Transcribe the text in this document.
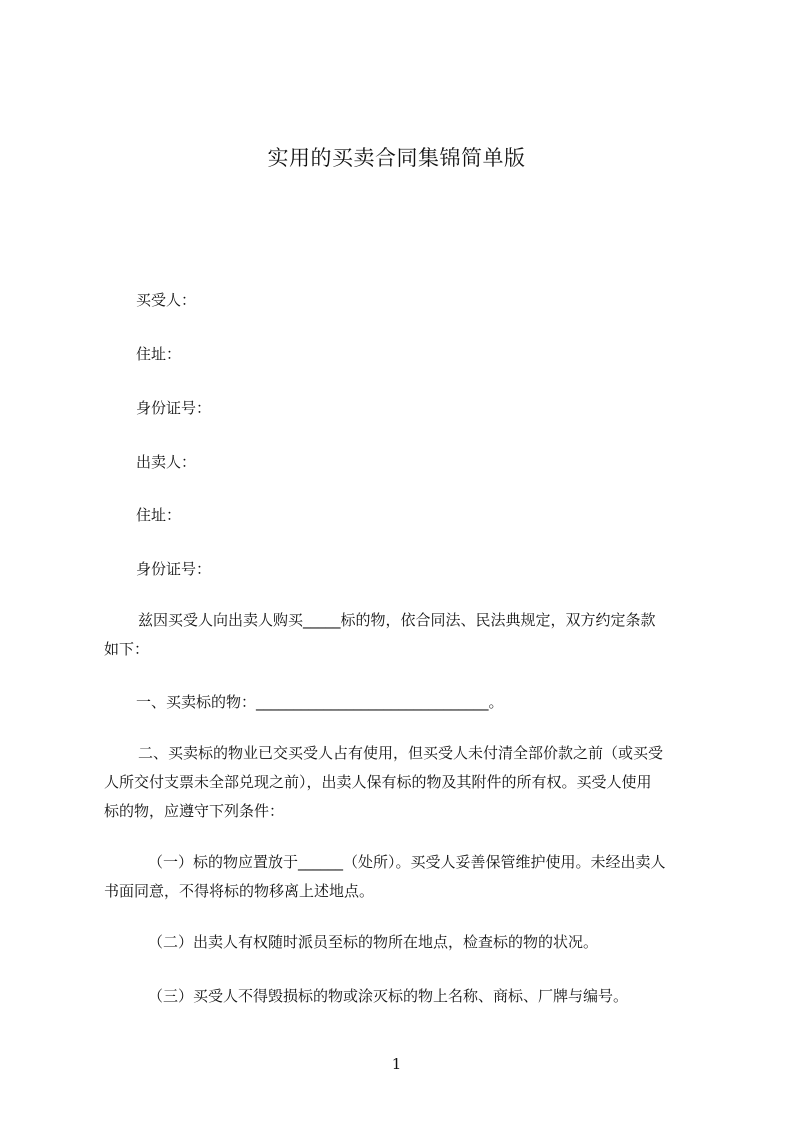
实用的买卖合同集锦简单版
买受人：
住址：
身份证号：
出卖人：
住址：
身份证号：
兹因买受人向出卖人购买_____标的物，依合同法、民法典规定，双方约定条款
如下：
一、买卖标的物：_______________________________。
二、买卖标的物业已交买受人占有使用，但买受人未付清全部价款之前（或买受
人所交付支票未全部兑现之前），出卖人保有标的物及其附件的所有权。买受人使用
标的物，应遵守下列条件：
（一）标的物应置放于______（处所）。买受人妥善保管维护使用。未经出卖人
书面同意，不得将标的物移离上述地点。
（二）出卖人有权随时派员至标的物所在地点，检查标的物的状况。
（三）买受人不得毁损标的物或涂灭标的物上名称、商标、厂牌与编号。
1
